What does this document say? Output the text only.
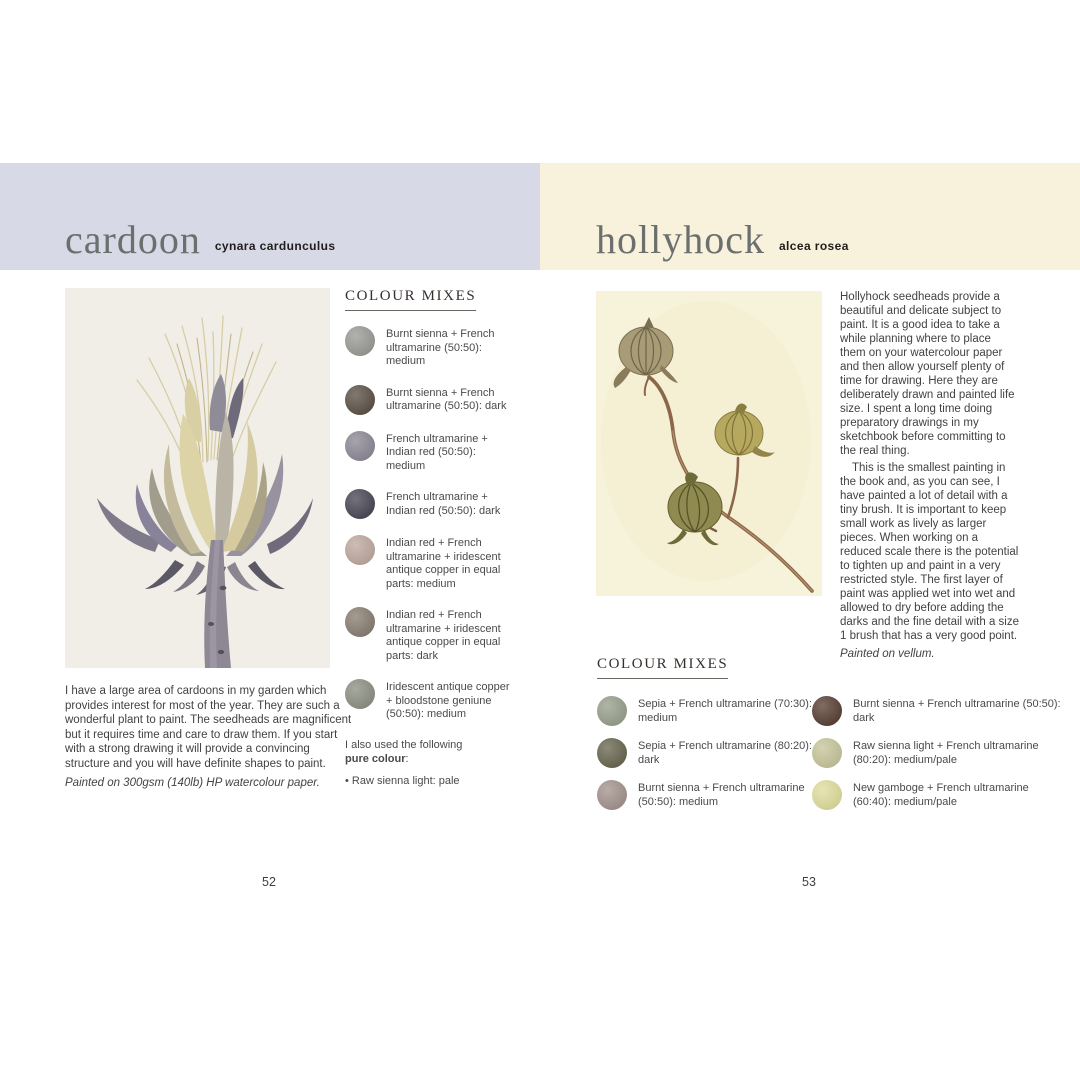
cardoon cynara cardunculus	hollyhock alcea rosea
COLOUR MIXES
Burnt sienna + French ultramarine (50:50): medium
Burnt sienna + French ultramarine (50:50): dark
French ultramarine + Indian red (50:50): medium
French ultramarine + Indian red (50:50): dark
Indian red + French ultramarine + iridescent antique copper in equal parts: medium
Indian red + French ultramarine + iridescent antique copper in equal parts: dark
Iridescent antique copper + bloodstone geniune (50:50): medium

I also used the following
pure colour:

• Raw sienna light: pale

I have a large area of cardoons in my garden which provides interest for most of the year. They are such a wonderful plant to paint. The seedheads are magnificent but it requires time and care to draw them. If you start with a strong drawing it will provide a convincing structure and you will have definite shapes to paint.

Painted on 300gsm (140lb) HP watercolour paper.

52

Hollyhock seedheads provide a beautiful and delicate subject to paint. It is a good idea to take a while planning where to place them on your watercolour paper and then allow yourself plenty of time for drawing. Here they are deliberately drawn and painted life size. I spent a long time doing preparatory drawings in my sketchbook before committing to the real thing.

This is the smallest painting in the book and, as you can see, I have painted a lot of detail with a tiny brush. It is important to keep small work as lively as larger pieces. When working on a reduced scale there is the potential to tighten up and paint in a very restricted style. The first layer of paint was applied wet into wet and allowed to dry before adding the darks and the fine detail with a size 1 brush that has a very good point.

Painted on vellum.

COLOUR MIXES
Sepia + French ultramarine (70:30): medium
Sepia + French ultramarine (80:20): dark
Burnt sienna + French ultramarine (50:50): medium
Burnt sienna + French ultramarine (50:50): dark
Raw sienna light + French ultramarine (80:20): medium/pale
New gamboge + French ultramarine (60:40): medium/pale
53
